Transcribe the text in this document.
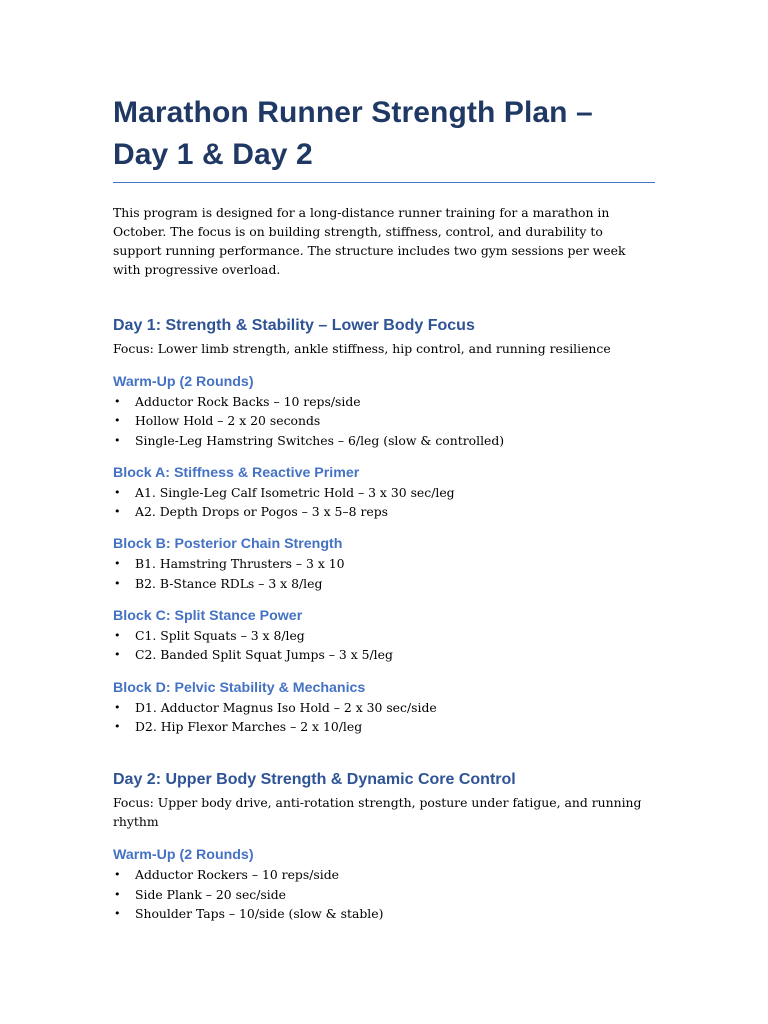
Marathon Runner Strength Plan – Day 1 & Day 2

This program is designed for a long-distance runner training for a marathon in October. The focus is on building strength, stiffness, control, and durability to support running performance. The structure includes two gym sessions per week with progressive overload.

Day 1: Strength & Stability – Lower Body Focus

Focus: Lower limb strength, ankle stiffness, hip control, and running resilience

Warm-Up (2 Rounds)
• Adductor Rock Backs – 10 reps/side
• Hollow Hold – 2 x 20 seconds
• Single-Leg Hamstring Switches – 6/leg (slow & controlled)
Block A: Stiffness & Reactive Primer
• A1. Single-Leg Calf Isometric Hold – 3 x 30 sec/leg
• A2. Depth Drops or Pogos – 3 x 5–8 reps
Block B: Posterior Chain Strength
• B1. Hamstring Thrusters – 3 x 10
• B2. B-Stance RDLs – 3 x 8/leg
Block C: Split Stance Power
• C1. Split Squats – 3 x 8/leg
• C2. Banded Split Squat Jumps – 3 x 5/leg
Block D: Pelvic Stability & Mechanics
• D1. Adductor Magnus Iso Hold – 2 x 30 sec/side
• D2. Hip Flexor Marches – 2 x 10/leg
Day 2: Upper Body Strength & Dynamic Core Control

Focus: Upper body drive, anti-rotation strength, posture under fatigue, and running rhythm

Warm-Up (2 Rounds)
• Adductor Rockers – 10 reps/side
• Side Plank – 20 sec/side
• Shoulder Taps – 10/side (slow & stable)
